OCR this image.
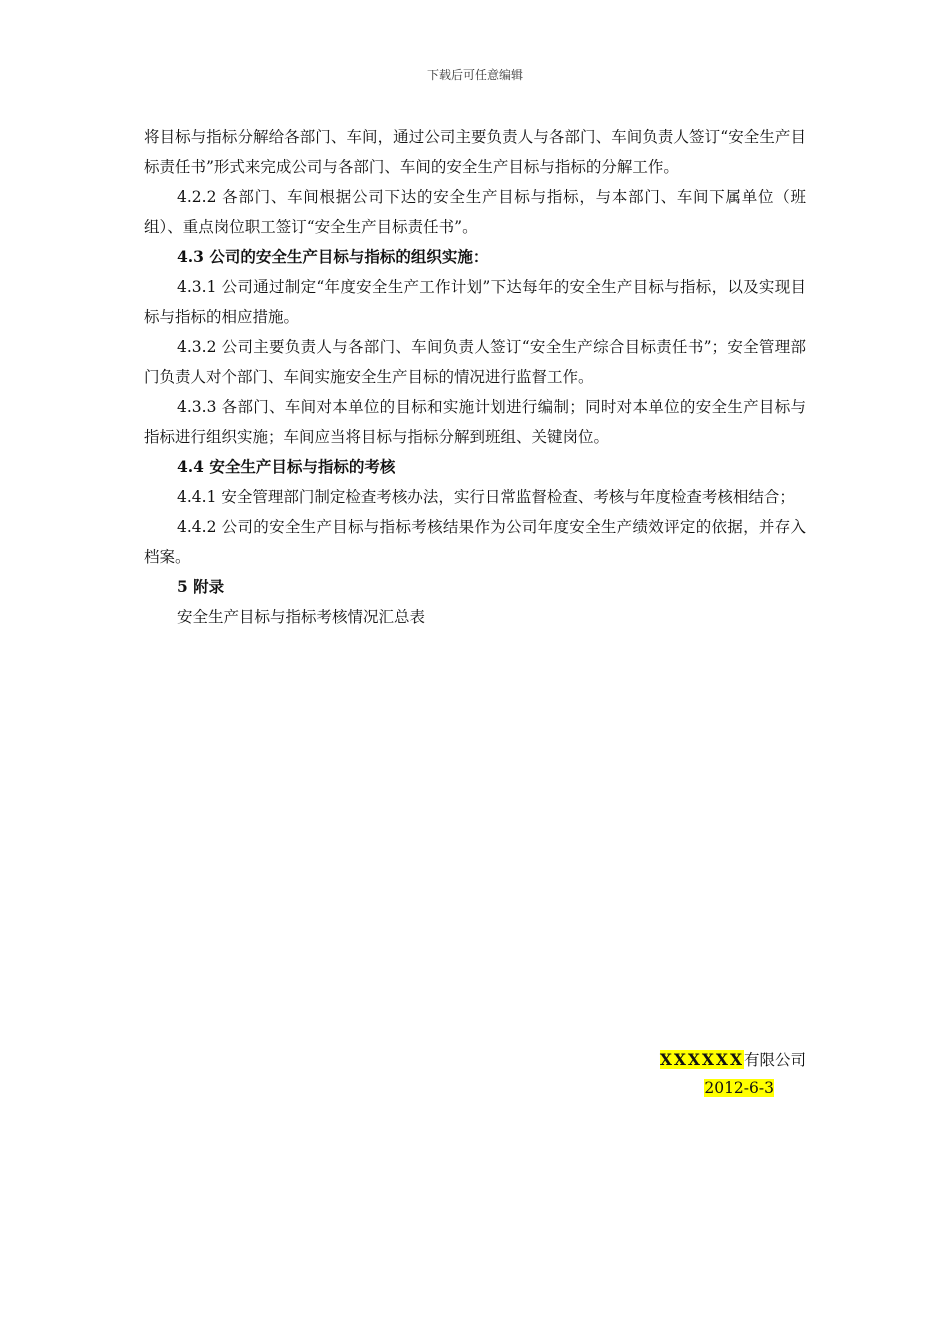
下载后可任意编辑

将目标与指标分解给各部门、车间，通过公司主要负责人与各部门、车间负责人签订“安全生产目标责任书”形式来完成公司与各部门、车间的安全生产目标与指标的分解工作。

4.2.2 各部门、车间根据公司下达的安全生产目标与指标，与本部门、车间下属单位（班组）、重点岗位职工签订“安全生产目标责任书”。

4.3 公司的安全生产目标与指标的组织实施：

4.3.1 公司通过制定“年度安全生产工作计划”下达每年的安全生产目标与指标，以及实现目标与指标的相应措施。

4.3.2 公司主要负责人与各部门、车间负责人签订“安全生产综合目标责任书”；安全管理部门负责人对个部门、车间实施安全生产目标的情况进行监督工作。

4.3.3 各部门、车间对本单位的目标和实施计划进行编制；同时对本单位的安全生产目标与指标进行组织实施；车间应当将目标与指标分解到班组、关键岗位。

4.4 安全生产目标与指标的考核

4.4.1 安全管理部门制定检查考核办法，实行日常监督检查、考核与年度检查考核相结合；

4.4.2 公司的安全生产目标与指标考核结果作为公司年度安全生产绩效评定的依据，并存入档案。

5 附录

安全生产目标与指标考核情况汇总表

XXXXXX有限公司
2012-6-3
